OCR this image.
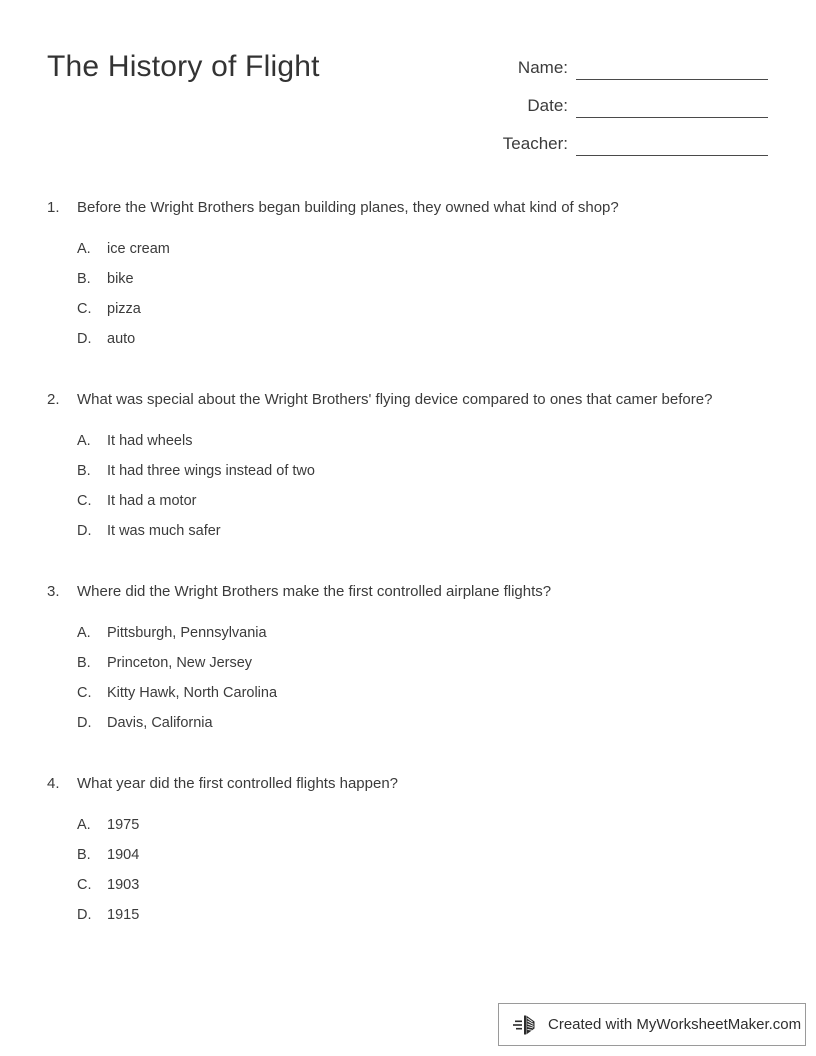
The History of Flight	Name:
Date:
Teacher:
1.	Before the Wright Brothers began building planes, they owned what kind of shop?
A.	ice cream
B.	bike
C.	pizza
D.	auto
2.	What was special about the Wright Brothers' flying device compared to ones that camer before?
A.	It had wheels
B.	It had three wings instead of two
C.	It had a motor
D.	It was much safer
3.	Where did the Wright Brothers make the first controlled airplane flights?
A.	Pittsburgh, Pennsylvania
B.	Princeton, New Jersey
C.	Kitty Hawk, North Carolina
D.	Davis, California
4.	What year did the first controlled flights happen?
A.	1975
B.	1904
C.	1903
D.	1915
Created with MyWorksheetMaker.com
